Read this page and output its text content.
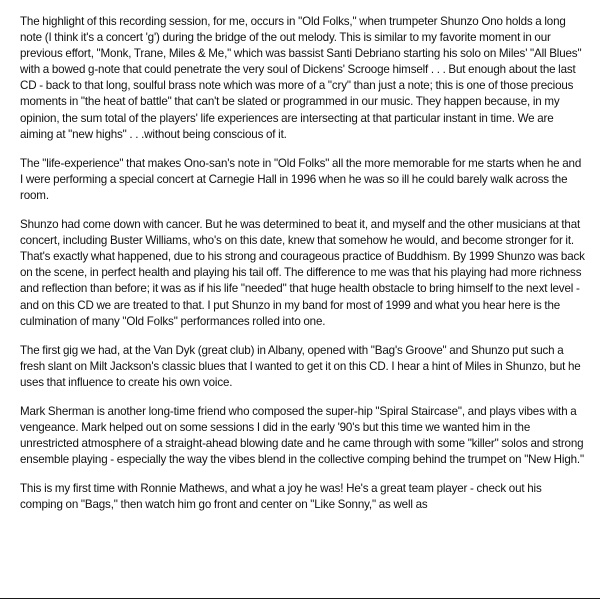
The highlight of this recording session, for me, occurs in "Old Folks," when trumpeter Shunzo Ono holds a long note (I think it's a concert 'g') during the bridge of the out melody. This is similar to my favorite moment in our previous effort, "Monk, Trane, Miles & Me," which was bassist Santi Debriano starting his solo on Miles' "All Blues" with a bowed g-note that could penetrate the very soul of Dickens' Scrooge himself . . . But enough about the last CD - back to that long, soulful brass note which was more of a "cry" than just a note; this is one of those precious moments in "the heat of battle" that can't be slated or programmed in our music. They happen because, in my opinion, the sum total of the players' life experiences are intersecting at that particular instant in time. We are aiming at "new highs" . . .without being conscious of it.

The "life-experience" that makes Ono-san's note in "Old Folks" all the more memorable for me starts when he and I were performing a special concert at Carnegie Hall in 1996 when he was so ill he could barely walk across the room.

Shunzo had come down with cancer. But he was determined to beat it, and myself and the other musicians at that concert, including Buster Williams, who's on this date, knew that somehow he would, and become stronger for it. That's exactly what happened, due to his strong and courageous practice of Buddhism. By 1999 Shunzo was back on the scene, in perfect health and playing his tail off. The difference to me was that his playing had more richness and reflection than before; it was as if his life "needed" that huge health obstacle to bring himself to the next level - and on this CD we are treated to that. I put Shunzo in my band for most of 1999 and what you hear here is the culmination of many "Old Folks" performances rolled into one.

The first gig we had, at the Van Dyk (great club) in Albany, opened with "Bag's Groove" and Shunzo put such a fresh slant on Milt Jackson's classic blues that I wanted to get it on this CD. I hear a hint of Miles in Shunzo, but he uses that influence to create his own voice.

Mark Sherman is another long-time friend who composed the super-hip "Spiral Staircase", and plays vibes with a vengeance. Mark helped out on some sessions I did in the early '90's but this time we wanted him in the unrestricted atmosphere of a straight-ahead blowing date and he came through with some "killer" solos and strong ensemble playing - especially the way the vibes blend in the collective comping behind the trumpet on "New High."

This is my first time with Ronnie Mathews, and what a joy he was! He's a great team player - check out his comping on "Bags," then watch him go front and center on "Like Sonny," as well as
